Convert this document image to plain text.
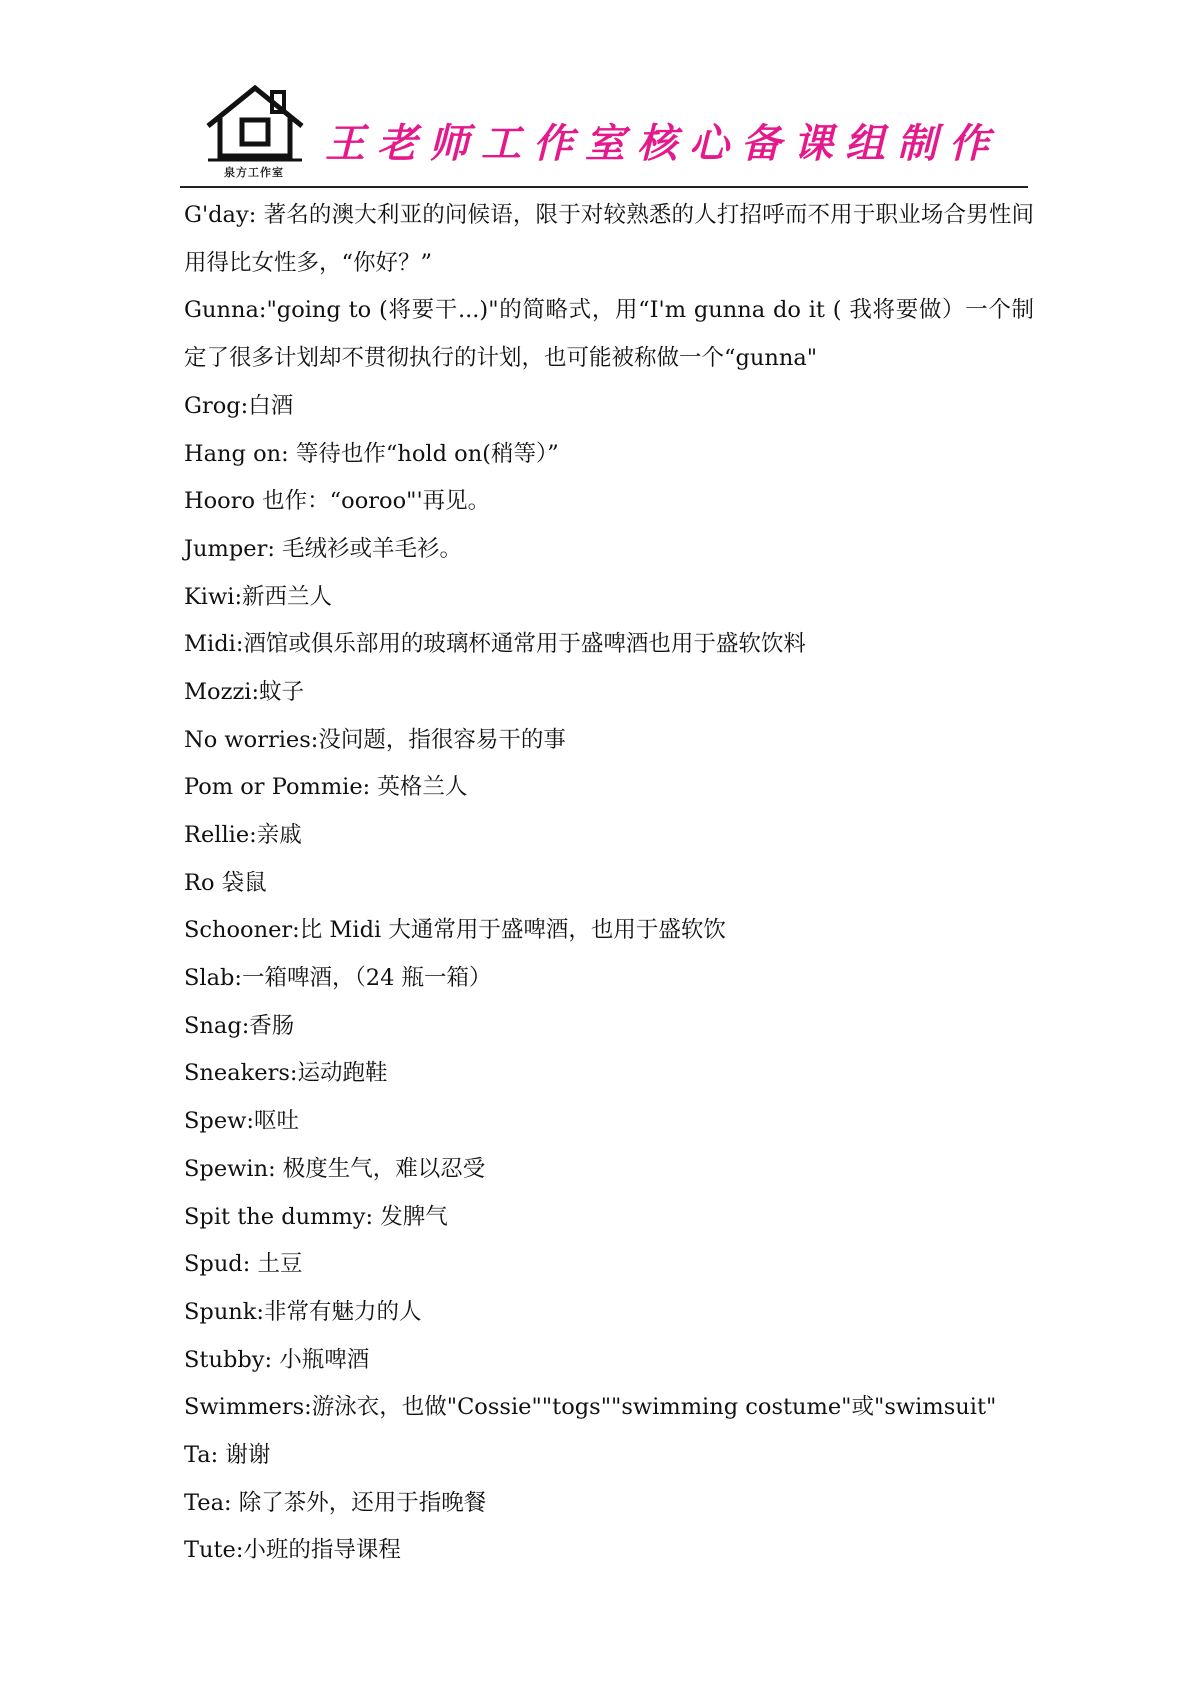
泉方工作室
王老师工作室核心备课组制作
G'day: 著名的澳大利亚的问候语，限于对较熟悉的人打招呼而不用于职业场合男性间用得比女性多，“你好？”
Gunna:"going to (将要干...)"的简略式，用“I'm gunna do it ( 我将要做）一个制定了很多计划却不贯彻执行的计划，也可能被称做一个“gunna"
Grog:白酒
Hang on: 等待也作“hold on(稍等）”
Hooro 也作：“ooroo"'再见。
Jumper: 毛绒衫或羊毛衫。
Kiwi:新西兰人
Midi:酒馆或俱乐部用的玻璃杯通常用于盛啤酒也用于盛软饮料
Mozzi:蚊子
No worries:没问题，指很容易干的事
Pom or Pommie: 英格兰人
Rellie:亲戚
Ro 袋鼠
Schooner:比 Midi 大通常用于盛啤酒，也用于盛软饮
Slab:一箱啤酒，（24 瓶一箱）
Snag:香肠
Sneakers:运动跑鞋
Spew:呕吐
Spewin: 极度生气，难以忍受
Spit the dummy: 发脾气
Spud: 土豆
Spunk:非常有魅力的人
Stubby: 小瓶啤酒
Swimmers:游泳衣，也做"Cossie""togs""swimming costume"或"swimsuit"
Ta: 谢谢
Tea: 除了茶外，还用于指晚餐
Tute:小班的指导课程
